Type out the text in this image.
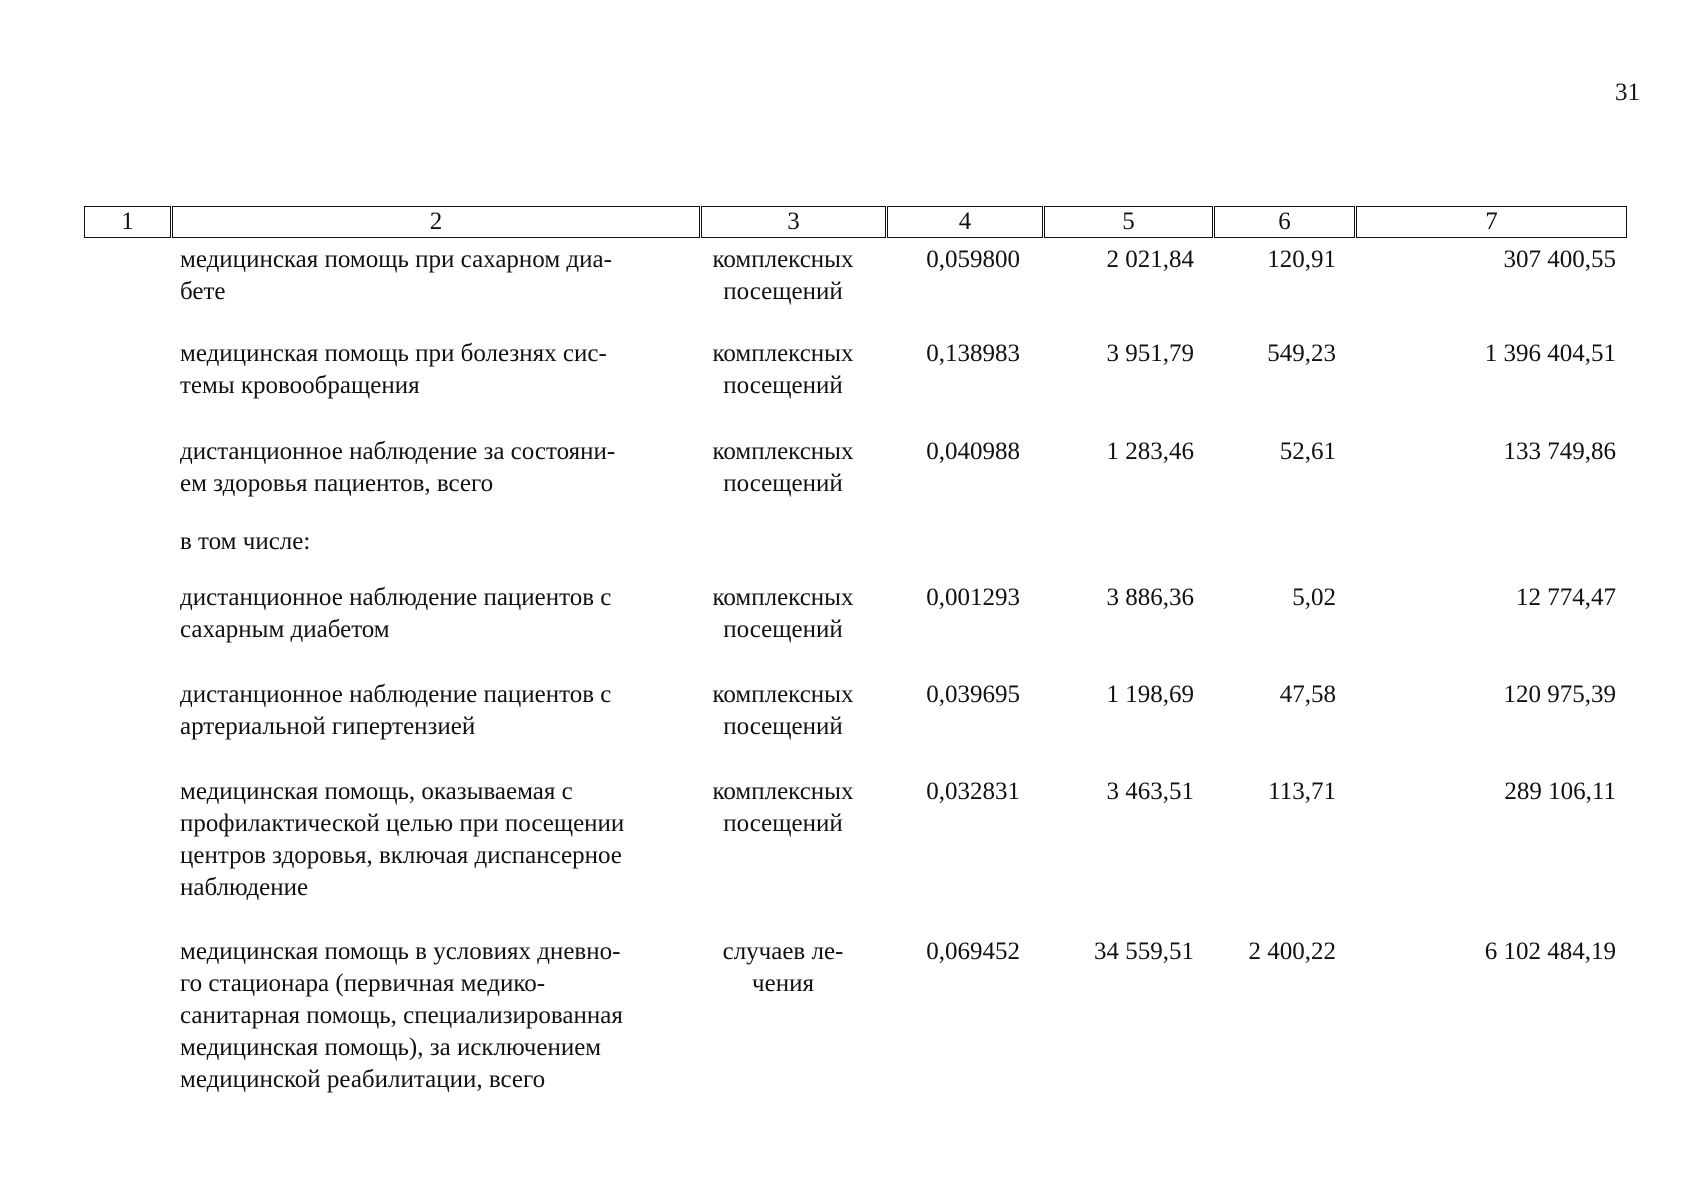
31
1		2		3		4		5		6		7
медицинская помощь при сахарном диа-
бете
комплексных
посещений
0,059800	2 021,84	120,91	307 400,55
медицинская помощь при болезнях сис-
темы кровообращения
комплексных
посещений
0,138983	3 951,79	549,23	1 396 404,51
дистанционное наблюдение за состояни-
ем здоровья пациентов, всего
комплексных
посещений
0,040988	1 283,46	52,61	133 749,86
в том числе:
дистанционное наблюдение пациентов с
сахарным диабетом
комплексных
посещений
0,001293	3 886,36	5,02	12 774,47
дистанционное наблюдение пациентов с
артериальной гипертензией
комплексных
посещений
0,039695	1 198,69	47,58	120 975,39
медицинская помощь, оказываемая с
профилактической целью при посещении
центров здоровья, включая диспансерное
наблюдение
комплексных
посещений
0,032831	3 463,51	113,71	289 106,11
медицинская помощь в условиях дневно-
го стационара (первичная медико-
санитарная помощь, специализированная
медицинская помощь), за исключением
медицинской реабилитации, всего
случаев ле-
чения
0,069452	34 559,51	2 400,22	6 102 484,19
